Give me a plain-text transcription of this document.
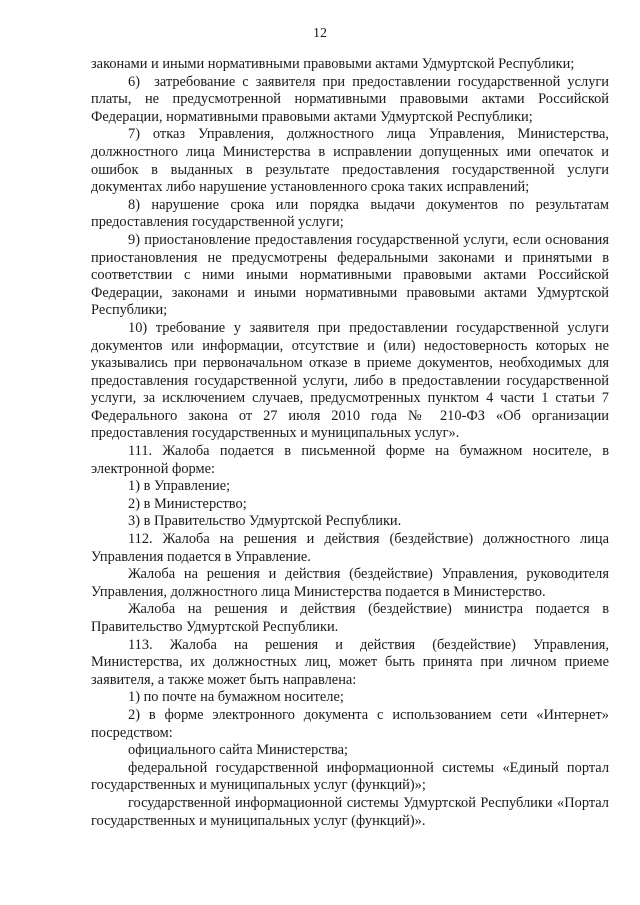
12

законами и иными нормативными правовыми актами Удмуртской Республики;

6)  затребование с заявителя при предоставлении государственной услуги платы, не предусмотренной нормативными правовыми актами Российской Федерации, нормативными правовыми актами Удмуртской Республики;

7) отказ Управления, должностного лица Управления, Министерства, должностного лица Министерства в исправлении допущенных ими опечаток и ошибок в выданных в результате предоставления государственной услуги документах либо нарушение установленного срока таких исправлений;

8) нарушение срока или порядка выдачи документов по результатам предоставления государственной услуги;

9) приостановление предоставления государственной услуги, если основания приостановления не предусмотрены федеральными законами и принятыми в соответствии с ними иными нормативными правовыми актами Российской Федерации, законами и иными нормативными правовыми актами Удмуртской Республики;

10) требование у заявителя при предоставлении государственной услуги документов или информации, отсутствие и (или) недостоверность которых не указывались при первоначальном отказе в приеме документов, необходимых для предоставления государственной услуги, либо в предоставлении государственной услуги, за исключением случаев, предусмотренных пунктом 4 части 1 статьи 7 Федерального закона от 27 июля 2010 года № 210-ФЗ «Об организации предоставления государственных и муниципальных услуг».

111. Жалоба подается в письменной форме на бумажном носителе, в электронной форме:

1) в Управление;

2) в Министерство;

3) в Правительство Удмуртской Республики.

112. Жалоба на решения и действия (бездействие) должностного лица Управления подается в Управление.

Жалоба на решения и действия (бездействие) Управления, руководителя Управления, должностного лица Министерства подается в Министерство.

Жалоба на решения и действия (бездействие) министра подается в Правительство Удмуртской Республики.

113. Жалоба на решения и действия (бездействие) Управления, Министерства, их должностных лиц, может быть принята при личном приеме заявителя, а также может быть направлена:

1) по почте на бумажном носителе;

2) в форме электронного документа с использованием сети «Интернет» посредством:

официального сайта Министерства;

федеральной государственной информационной системы «Единый портал государственных и муниципальных услуг (функций)»;

государственной информационной системы Удмуртской Республики «Портал государственных и муниципальных услуг (функций)».
